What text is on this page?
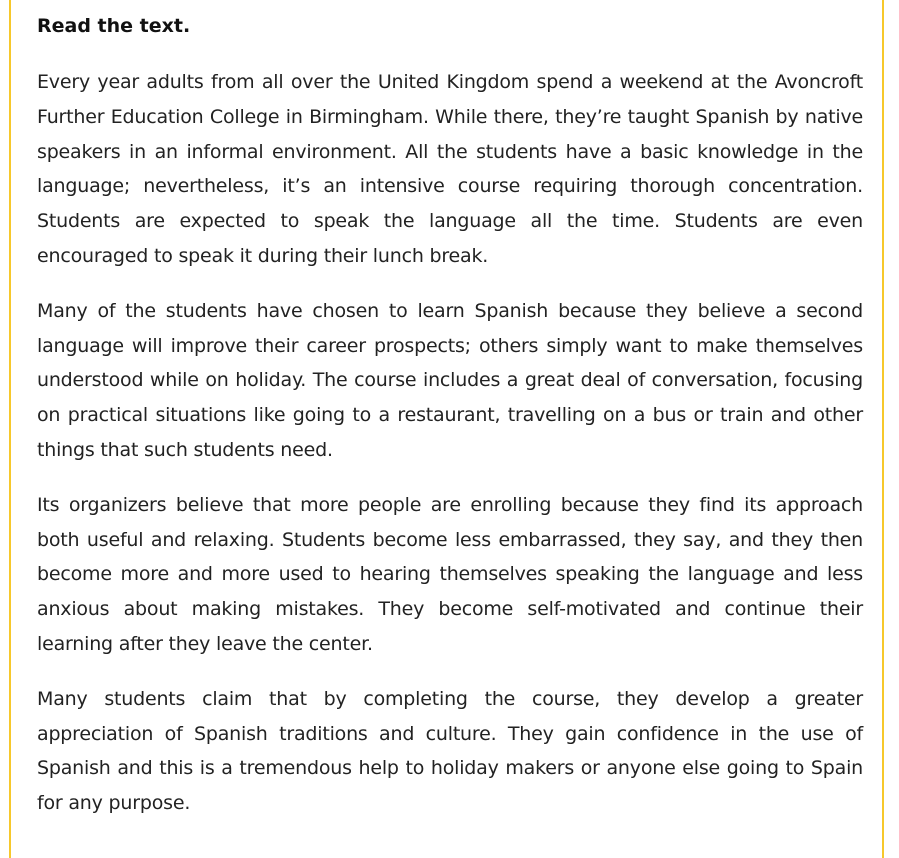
Read the text.

Every year adults from all over the United Kingdom spend a weekend at the Avoncroft Further Education College in Birmingham. While there, they’re taught Spanish by native speakers in an informal environment. All the students have a basic knowledge in the language; nevertheless, it’s an intensive course requiring thorough concentration. Students are expected to speak the language all the time. Students are even encouraged to speak it during their lunch break.

Many of the students have chosen to learn Spanish because they believe a second language will improve their career prospects; others simply want to make themselves understood while on holiday. The course includes a great deal of conversation, focusing on practical situations like going to a restaurant, travelling on a bus or train and other things that such students need.

Its organizers believe that more people are enrolling because they find its approach both useful and relaxing. Students become less embarrassed, they say, and they then become more and more used to hearing themselves speaking the language and less anxious about making mistakes. They become self-motivated and continue their learning after they leave the center.

Many students claim that by completing the course, they develop a greater appreciation of Spanish traditions and culture. They gain confidence in the use of Spanish and this is a tremendous help to holiday makers or anyone else going to Spain for any purpose.
